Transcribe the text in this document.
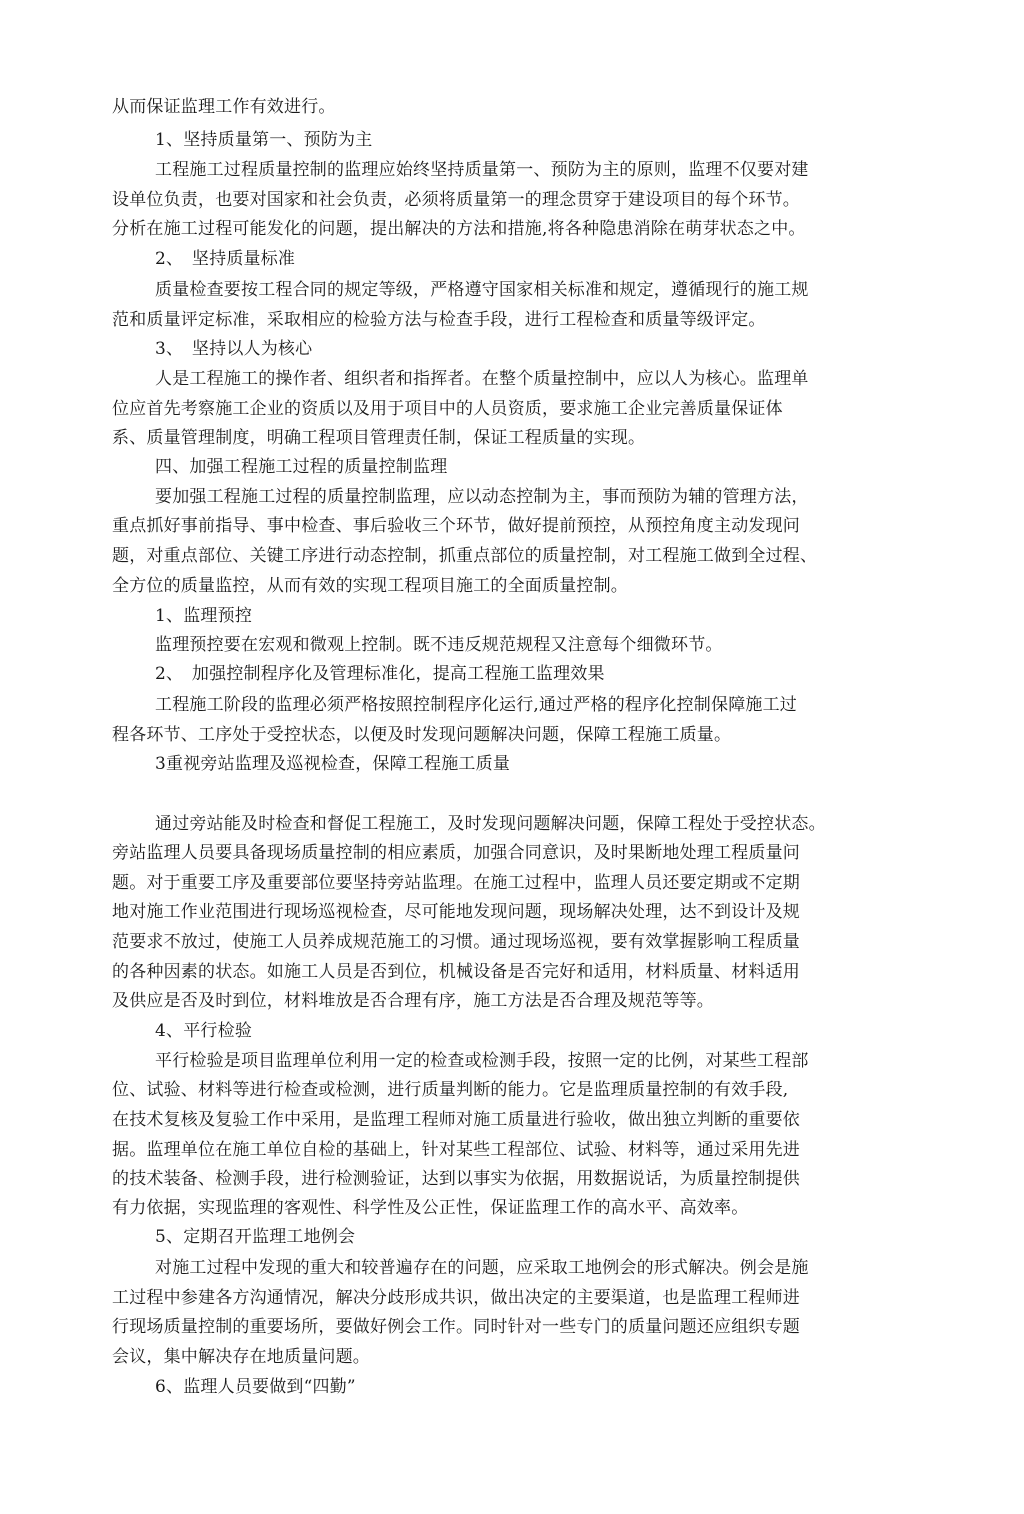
从而保证监理工作有效进行。
1、坚持质量第一、预防为主
工程施工过程质量控制的监理应始终坚持质量第一、预防为主的原则，监理不仅要对建
设单位负责，也要对国家和社会负责，必须将质量第一的理念贯穿于建设项目的每个环节。
分析在施工过程可能发化的问题，提出解决的方法和措施,将各种隐患消除在萌芽状态之中。
2、　坚持质量标准
质量检查要按工程合同的规定等级，严格遵守国家相关标准和规定，遵循现行的施工规
范和质量评定标准，采取相应的检验方法与检查手段，进行工程检查和质量等级评定。
3、　坚持以人为核心
人是工程施工的操作者、组织者和指挥者。在整个质量控制中，应以人为核心。监理单
位应首先考察施工企业的资质以及用于项目中的人员资质，要求施工企业完善质量保证体
系、质量管理制度，明确工程项目管理责任制，保证工程质量的实现。
四、加强工程施工过程的质量控制监理
要加强工程施工过程的质量控制监理，应以动态控制为主，事而预防为辅的管理方法，
重点抓好事前指导、事中检查、事后验收三个环节，做好提前预控，从预控角度主动发现问
题，对重点部位、关键工序进行动态控制，抓重点部位的质量控制，对工程施工做到全过程、
全方位的质量监控，从而有效的实现工程项目施工的全面质量控制。
1、监理预控
监理预控要在宏观和微观上控制。既不违反规范规程又注意每个细微环节。
2、　加强控制程序化及管理标准化，提高工程施工监理效果
工程施工阶段的监理必须严格按照控制程序化运行,通过严格的程序化控制保障施工过
程各环节、工序处于受控状态，以便及时发现问题解决问题，保障工程施工质量。
3重视旁站监理及巡视检查，保障工程施工质量
通过旁站能及时检查和督促工程施工，及时发现问题解决问题，保障工程处于受控状态。
旁站监理人员要具备现场质量控制的相应素质，加强合同意识，及时果断地处理工程质量问
题。对于重要工序及重要部位要坚持旁站监理。在施工过程中，监理人员还要定期或不定期
地对施工作业范围进行现场巡视检查，尽可能地发现问题，现场解决处理，达不到设计及规
范要求不放过，使施工人员养成规范施工的习惯。通过现场巡视，要有效掌握影响工程质量
的各种因素的状态。如施工人员是否到位，机械设备是否完好和适用，材料质量、材料适用
及供应是否及时到位，材料堆放是否合理有序，施工方法是否合理及规范等等。
4、平行检验
平行检验是项目监理单位利用一定的检查或检测手段，按照一定的比例，对某些工程部
位、试验、材料等进行检查或检测，进行质量判断的能力。它是监理质量控制的有效手段,
在技术复核及复验工作中采用，是监理工程师对施工质量进行验收，做出独立判断的重要依
据。监理单位在施工单位自检的基础上，针对某些工程部位、试验、材料等，通过采用先进
的技术装备、检测手段，进行检测验证，达到以事实为依据，用数据说话，为质量控制提供
有力依据，实现监理的客观性、科学性及公正性，保证监理工作的高水平、高效率。
5、定期召开监理工地例会
对施工过程中发现的重大和较普遍存在的问题，应采取工地例会的形式解决。例会是施
工过程中参建各方沟通情况，解决分歧形成共识，做出决定的主要渠道，也是监理工程师进
行现场质量控制的重要场所，要做好例会工作。同时针对一些专门的质量问题还应组织专题
会议，集中解决存在地质量问题。
6、监理人员要做到“四勤”
